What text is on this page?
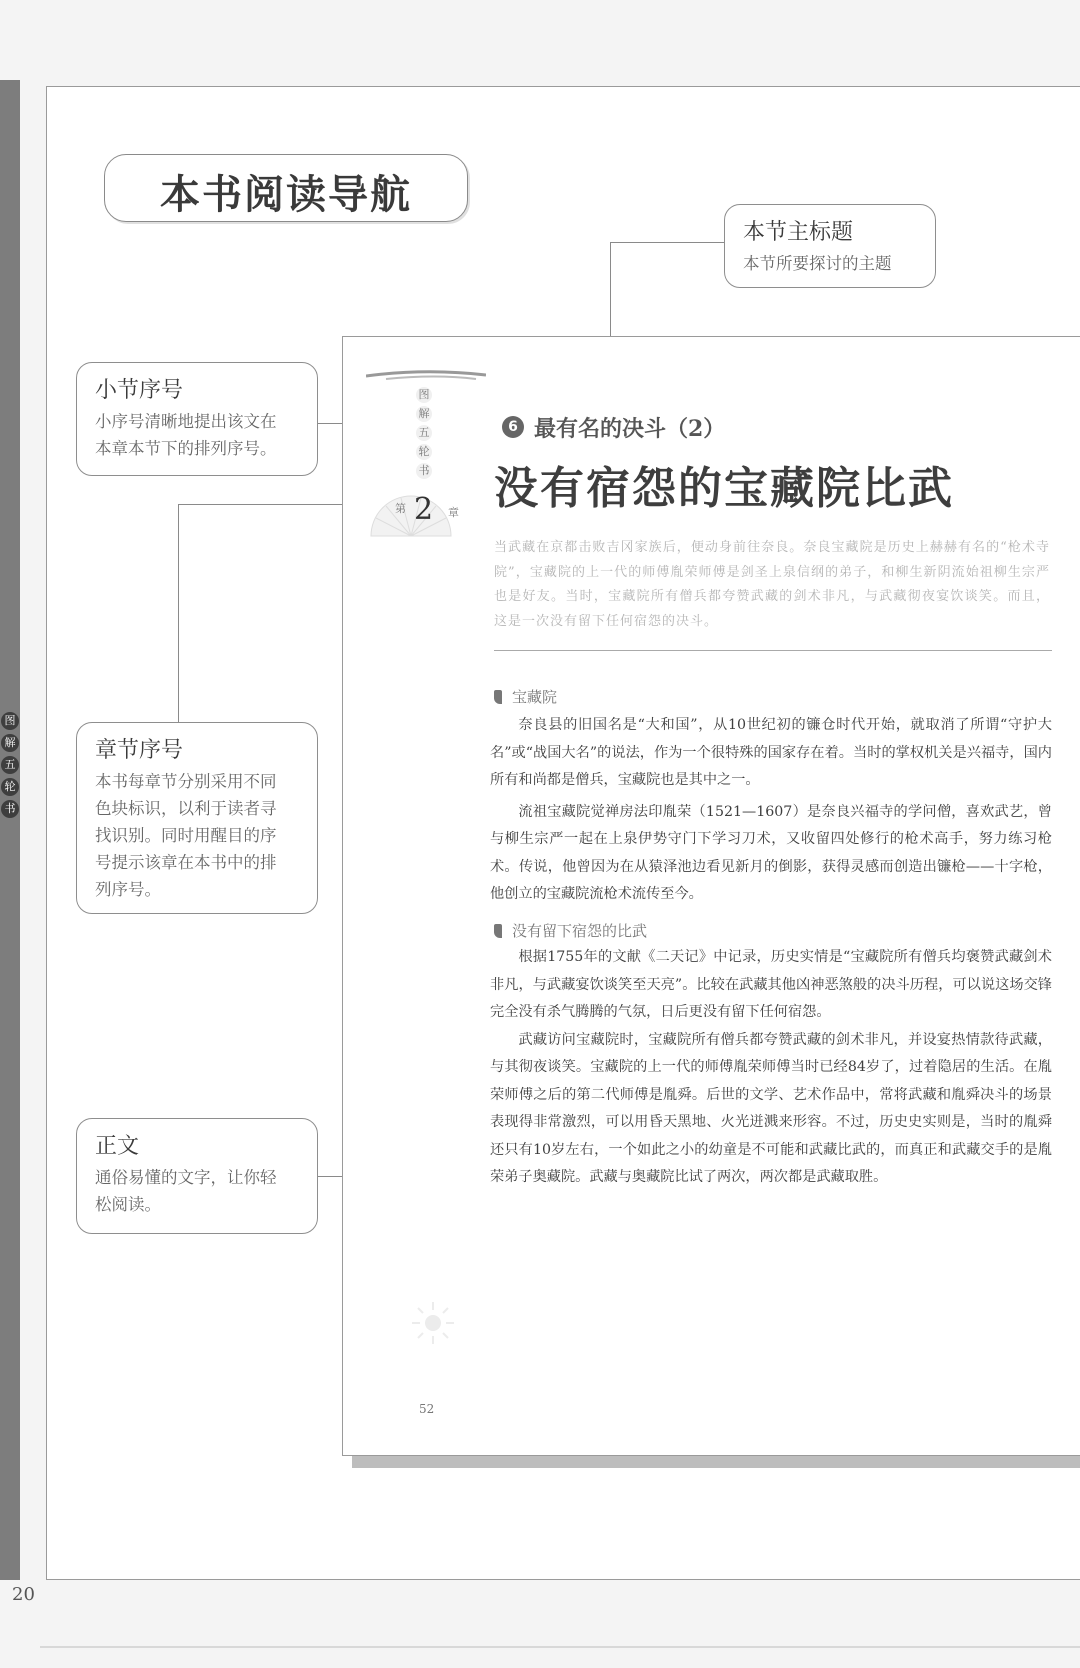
图
解
五
轮
书
本书阅读导航
本节主标题
本节所要探讨的主题
小节序号
小序号清晰地提出该文在
本章本节下的排列序号。
章节序号
本书每章节分别采用不同
色块标识，以利于读者寻
找识别。同时用醒目的序
号提示该章在本书中的排
列序号。
正文
通俗易懂的文字，让你轻
松阅读。
图
解
五
轮
书
第 2 章
6 最有名的决斗（2）
没有宿怨的宝藏院比武
当武藏在京都击败吉冈家族后，便动身前往奈良。奈良宝藏院是历史上赫赫有名的“枪术寺院”，宝藏院的上一代的师傅胤荣师傅是剑圣上泉信纲的弟子，和柳生新阴流始祖柳生宗严也是好友。当时，宝藏院所有僧兵都夸赞武藏的剑术非凡，与武藏彻夜宴饮谈笑。而且，这是一次没有留下任何宿怨的决斗。
宝藏院

奈良县的旧国名是“大和国”，从10世纪初的镰仓时代开始，就取消了所谓“守护大名”或“战国大名”的说法，作为一个很特殊的国家存在着。当时的掌权机关是兴福寺，国内所有和尚都是僧兵，宝藏院也是其中之一。

流祖宝藏院觉禅房法印胤荣（1521—1607）是奈良兴福寺的学问僧，喜欢武艺，曾与柳生宗严一起在上泉伊势守门下学习刀术，又收留四处修行的枪术高手，努力练习枪术。传说，他曾因为在从猿泽池边看见新月的倒影，获得灵感而创造出镰枪——十字枪，他创立的宝藏院流枪术流传至今。

没有留下宿怨的比武

根据1755年的文献《二天记》中记录，历史实情是“宝藏院所有僧兵均褒赞武藏剑术非凡，与武藏宴饮谈笑至天亮”。比较在武藏其他凶神恶煞般的决斗历程，可以说这场交锋完全没有杀气腾腾的气氛，日后更没有留下任何宿怨。

武藏访问宝藏院时，宝藏院所有僧兵都夸赞武藏的剑术非凡，并设宴热情款待武藏，与其彻夜谈笑。宝藏院的上一代的师傅胤荣师傅当时已经84岁了，过着隐居的生活。在胤荣师傅之后的第二代师傅是胤舜。后世的文学、艺术作品中，常将武藏和胤舜决斗的场景表现得非常激烈，可以用昏天黑地、火光迸溅来形容。不过，历史史实则是，当时的胤舜还只有10岁左右，一个如此之小的幼童是不可能和武藏比武的，而真正和武藏交手的是胤荣弟子奥藏院。武藏与奥藏院比试了两次，两次都是武藏取胜。

52
20
